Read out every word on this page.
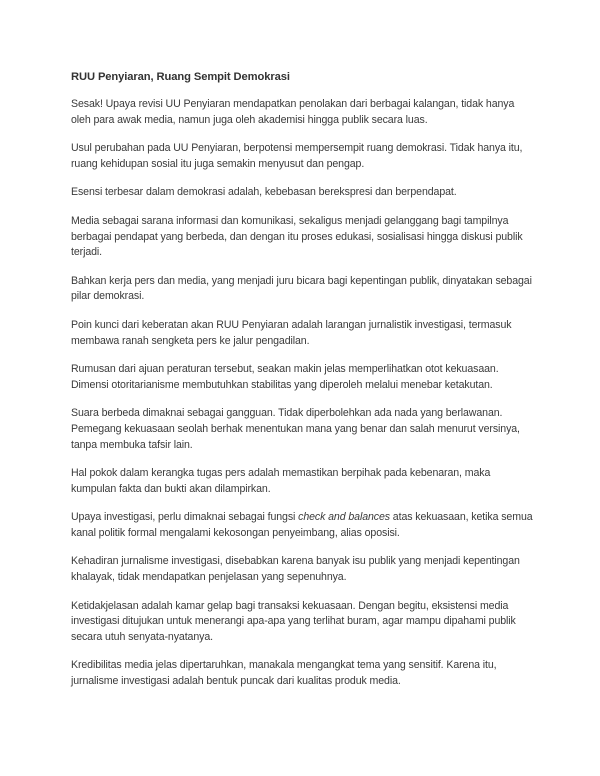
RUU Penyiaran, Ruang Sempit Demokrasi

Sesak! Upaya revisi UU Penyiaran mendapatkan penolakan dari berbagai kalangan, tidak hanya oleh para awak media, namun juga oleh akademisi hingga publik secara luas.

Usul perubahan pada UU Penyiaran, berpotensi mempersempit ruang demokrasi. Tidak hanya itu, ruang kehidupan sosial itu juga semakin menyusut dan pengap.

Esensi terbesar dalam demokrasi adalah, kebebasan berekspresi dan berpendapat.

Media sebagai sarana informasi dan komunikasi, sekaligus menjadi gelanggang bagi tampilnya berbagai pendapat yang berbeda, dan dengan itu proses edukasi, sosialisasi hingga diskusi publik terjadi.

Bahkan kerja pers dan media, yang menjadi juru bicara bagi kepentingan publik, dinyatakan sebagai pilar demokrasi.

Poin kunci dari keberatan akan RUU Penyiaran adalah larangan jurnalistik investigasi, termasuk membawa ranah sengketa pers ke jalur pengadilan.

Rumusan dari ajuan peraturan tersebut, seakan makin jelas memperlihatkan otot kekuasaan. Dimensi otoritarianisme membutuhkan stabilitas yang diperoleh melalui menebar ketakutan.

Suara berbeda dimaknai sebagai gangguan. Tidak diperbolehkan ada nada yang berlawanan. Pemegang kekuasaan seolah berhak menentukan mana yang benar dan salah menurut versinya, tanpa membuka tafsir lain.

Hal pokok dalam kerangka tugas pers adalah memastikan berpihak pada kebenaran, maka kumpulan fakta dan bukti akan dilampirkan.

Upaya investigasi, perlu dimaknai sebagai fungsi check and balances atas kekuasaan, ketika semua kanal politik formal mengalami kekosongan penyeimbang, alias oposisi.

Kehadiran jurnalisme investigasi, disebabkan karena banyak isu publik yang menjadi kepentingan khalayak, tidak mendapatkan penjelasan yang sepenuhnya.

Ketidakjelasan adalah kamar gelap bagi transaksi kekuasaan. Dengan begitu, eksistensi media investigasi ditujukan untuk menerangi apa-apa yang terlihat buram, agar mampu dipahami publik secara utuh senyata-nyatanya.

Kredibilitas media jelas dipertaruhkan, manakala mengangkat tema yang sensitif. Karena itu, jurnalisme investigasi adalah bentuk puncak dari kualitas produk media.
